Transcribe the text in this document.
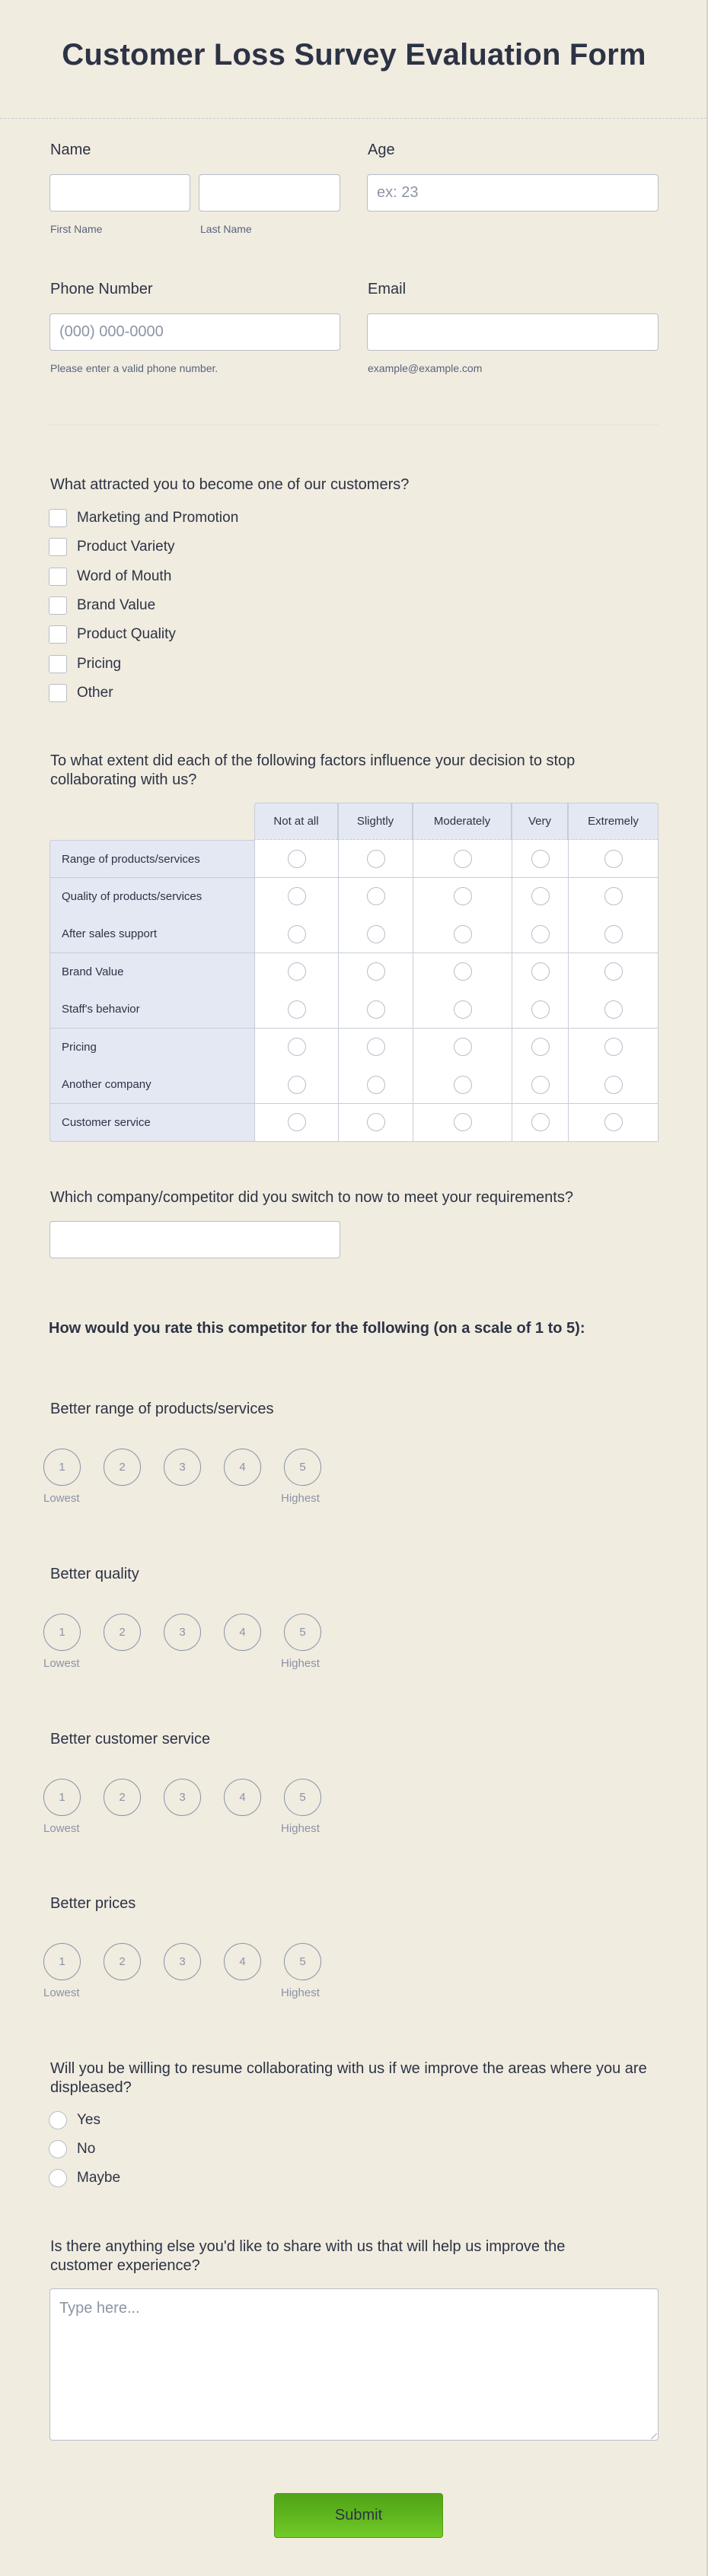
Customer Loss Survey Evaluation Form
Name
First Name	Last Name
Age
ex: 23
Phone Number
(000) 000-0000
Please enter a valid phone number.
Email
example@example.com
What attracted you to become one of our customers?
Marketing and Promotion
Product Variety
Word of Mouth
Brand Value
Product Quality
Pricing
Other
To what extent did each of the following factors influence your decision to stop collaborating with us?
Not at all	Slightly	Moderately	Very	Extremely
Range of products/services
Quality of products/services
After sales support
Brand Value
Staff's behavior
Pricing
Another company
Customer service
Which company/competitor did you switch to now to meet your requirements?
How would you rate this competitor for the following (on a scale of 1 to 5):
Better range of products/services
1	2	3	4	5
Lowest	Highest
Better quality
1	2	3	4	5
Lowest	Highest
Better customer service
1	2	3	4	5
Lowest	Highest
Better prices
1	2	3	4	5
Lowest	Highest
Will you be willing to resume collaborating with us if we improve the areas where you are displeased?
Yes
No
Maybe
Is there anything else you'd like to share with us that will help us improve the customer experience?
Type here...
Submit
